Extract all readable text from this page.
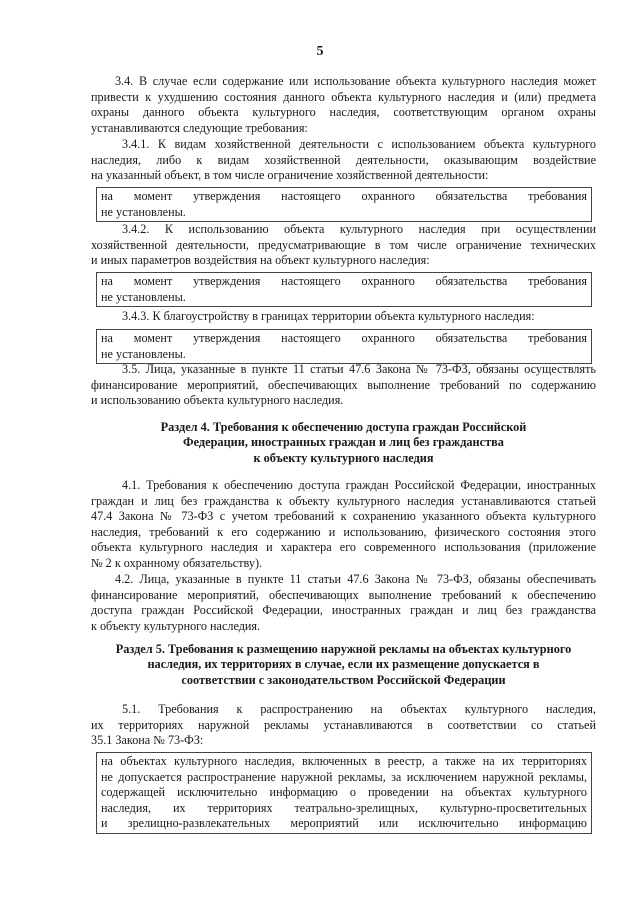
5
3.4. В случае если содержание или использование объекта культурного наследия может
привести к ухудшению состояния данного объекта культурного наследия и (или) предмета
охраны данного объекта культурного наследия, соответствующим органом охраны
устанавливаются следующие требования:
3.4.1. К видам хозяйственной деятельности с использованием объекта культурного
наследия, либо к видам хозяйственной деятельности, оказывающим воздействие
на указанный объект, в том числе ограничение хозяйственной деятельности:
на момент утверждения настоящего охранного обязательства требования
не установлены.
3.4.2. К использованию объекта культурного наследия при осуществлении
хозяйственной деятельности, предусматривающие в том числе ограничение технических
и иных параметров воздействия на объект культурного наследия:
на момент утверждения настоящего охранного обязательства требования
не установлены.
3.4.3. К благоустройству в границах территории объекта культурного наследия:
на момент утверждения настоящего охранного обязательства требования
не установлены.
3.5. Лица, указанные в пункте 11 статьи 47.6 Закона № 73-ФЗ, обязаны осуществлять
финансирование мероприятий, обеспечивающих выполнение требований по содержанию
и использованию объекта культурного наследия.
Раздел 4. Требования к обеспечению доступа граждан Российской
Федерации, иностранных граждан и лиц без гражданства
к объекту культурного наследия
4.1. Требования к обеспечению доступа граждан Российской Федерации, иностранных
граждан и лиц без гражданства к объекту культурного наследия устанавливаются статьей
47.4 Закона № 73-ФЗ с учетом требований к сохранению указанного объекта культурного
наследия, требований к его содержанию и использованию, физического состояния этого
объекта культурного наследия и характера его современного использования (приложение
№ 2 к охранному обязательству).
4.2. Лица, указанные в пункте 11 статьи 47.6 Закона № 73-ФЗ, обязаны обеспечивать
финансирование мероприятий, обеспечивающих выполнение требований к обеспечению
доступа граждан Российской Федерации, иностранных граждан и лиц без гражданства
к объекту культурного наследия.
Раздел 5. Требования к размещению наружной рекламы на объектах культурного
наследия, их территориях в случае, если их размещение допускается в
соответствии с законодательством Российской Федерации
5.1. Требования к распространению на объектах культурного наследия,
их территориях наружной рекламы устанавливаются в соответствии со статьей
35.1 Закона № 73-ФЗ:
на объектах культурного наследия, включенных в реестр, а также на их территориях
не допускается распространение наружной рекламы, за исключением наружной рекламы,
содержащей исключительно информацию о проведении на объектах культурного
наследия, их территориях театрально-зрелищных, культурно-просветительных
и зрелищно-развлекательных мероприятий или исключительно информацию
